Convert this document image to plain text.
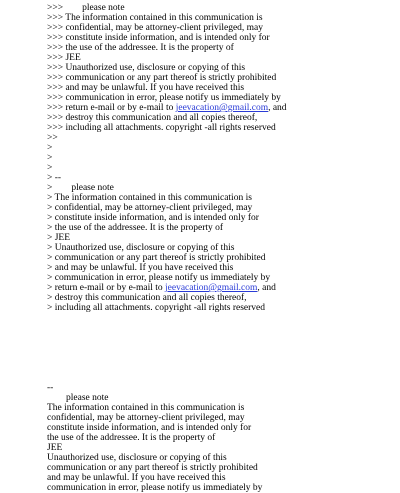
>>>        please note
>>> The information contained in this communication is
>>> confidential, may be attorney-client privileged, may
>>> constitute inside information, and is intended only for
>>> the use of the addressee. It is the property of
>>> JEE
>>> Unauthorized use, disclosure or copying of this
>>> communication or any part thereof is strictly prohibited
>>> and may be unlawful. If you have received this
>>> communication in error, please notify us immediately by
>>> return e-mail or by e-mail to jeevacation@gmail.com, and
>>> destroy this communication and all copies thereof,
>>> including all attachments. copyright -all rights reserved
>>
>
>
>
> --
>        please note
> The information contained in this communication is
> confidential, may be attorney-client privileged, may
> constitute inside information, and is intended only for
> the use of the addressee. It is the property of
> JEE
> Unauthorized use, disclosure or copying of this
> communication or any part thereof is strictly prohibited
> and may be unlawful. If you have received this
> communication in error, please notify us immediately by
> return e-mail or by e-mail to jeevacation@gmail.com, and
> destroy this communication and all copies thereof,
> including all attachments. copyright -all rights reserved
--
please note
The information contained in this communication is
confidential, may be attorney-client privileged, may
constitute inside information, and is intended only for
the use of the addressee. It is the property of
JEE
Unauthorized use, disclosure or copying of this
communication or any part thereof is strictly prohibited
and may be unlawful. If you have received this
communication in error, please notify us immediately by
